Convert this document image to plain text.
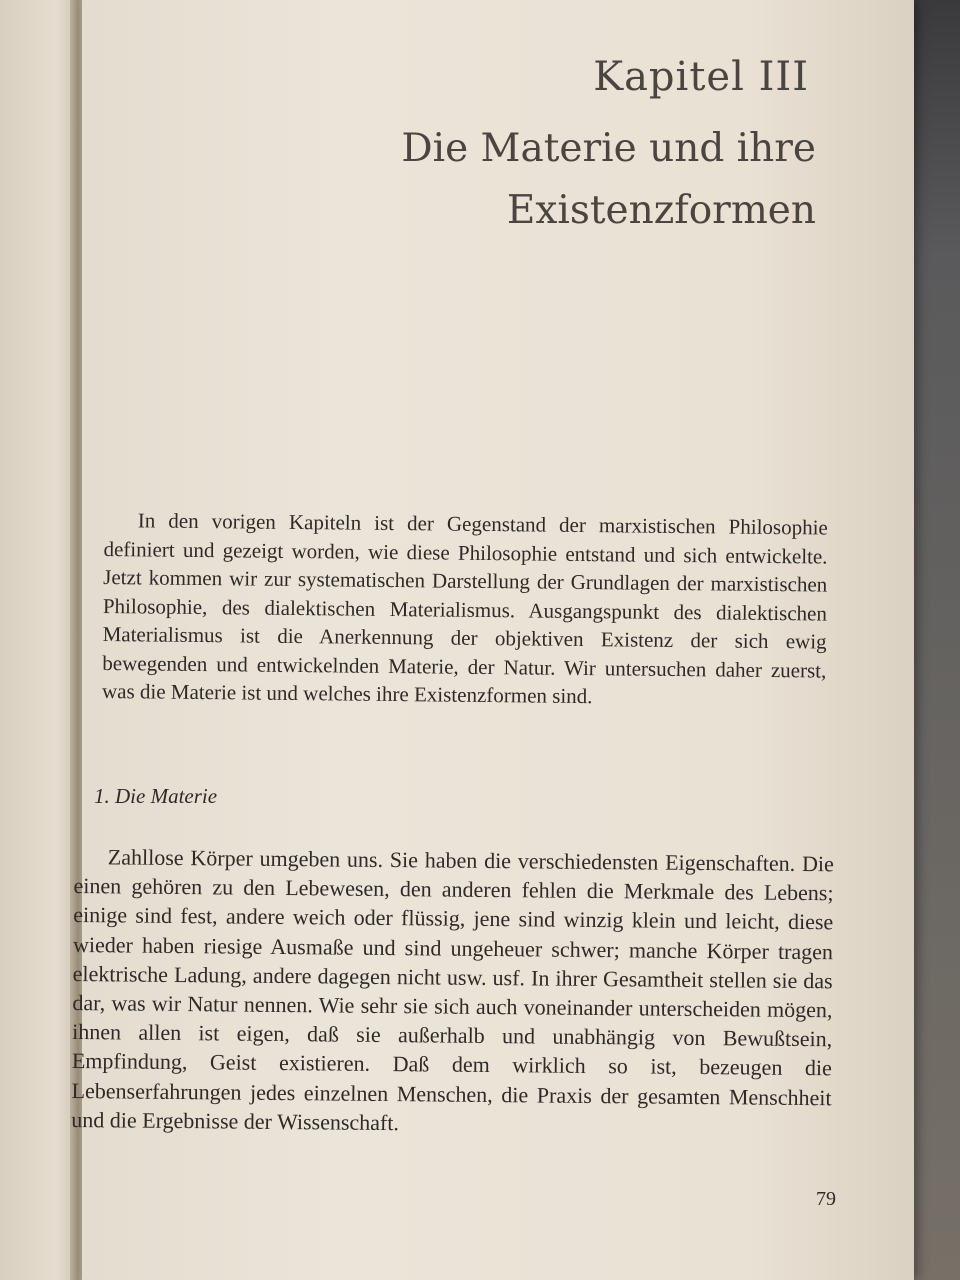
Kapitel III
Die Materie und ihre Existenzformen

In den vorigen Kapiteln ist der Gegenstand der marxistischen Philosophie definiert und gezeigt worden, wie diese Philosophie entstand und sich entwickelte. Jetzt kommen wir zur systematischen Darstellung der Grundlagen der marxistischen Philosophie, des dialektischen Materialismus. Ausgangspunkt des dialektischen Materialismus ist die Anerkennung der objektiven Existenz der sich ewig bewegenden und entwickelnden Materie, der Natur. Wir untersuchen daher zuerst, was die Materie ist und welches ihre Existenzformen sind.

1. Die Materie

Zahllose Körper umgeben uns. Sie haben die verschiedensten Eigenschaften. Die einen gehören zu den Lebewesen, den anderen fehlen die Merkmale des Lebens; einige sind fest, andere weich oder flüssig, jene sind winzig klein und leicht, diese wieder haben riesige Ausmaße und sind ungeheuer schwer; manche Körper tragen elektrische Ladung, andere dagegen nicht usw. usf. In ihrer Gesamtheit stellen sie das dar, was wir Natur nennen. Wie sehr sie sich auch voneinander unterscheiden mögen, ihnen allen ist eigen, daß sie außerhalb und unabhängig von Bewußtsein, Empfindung, Geist existieren. Daß dem wirklich so ist, bezeugen die Lebenserfahrungen jedes einzelnen Menschen, die Praxis der gesamten Menschheit und die Ergebnisse der Wissenschaft.

79
